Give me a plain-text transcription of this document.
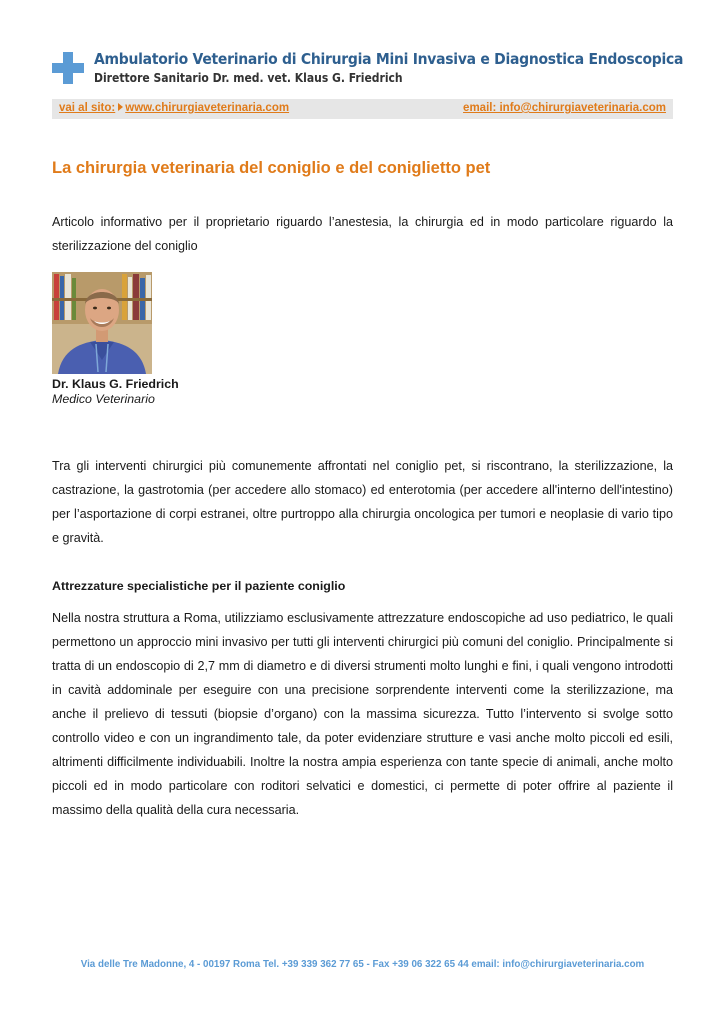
Ambulatorio Veterinario di Chirurgia Mini Invasiva e Diagnostica Endoscopica
Direttore Sanitario Dr. med. vet. Klaus G. Friedrich
vai al sito: www.chirurgiaveterinaria.com	email: info@chirurgiaveterinaria.com
La chirurgia veterinaria del coniglio e del coniglietto pet

Articolo informativo per il proprietario riguardo l’anestesia, la chirurgia ed in modo particolare riguardo la sterilizzazione del coniglio

Dr. Klaus G. Friedrich
Medico Veterinario

Tra gli interventi chirurgici più comunemente affrontati nel coniglio pet, si riscontrano, la sterilizzazione, la castrazione, la gastrotomia (per accedere allo stomaco) ed enterotomia (per accedere all'interno dell'intestino) per l’asportazione di corpi estranei, oltre purtroppo alla chirurgia oncologica per tumori e neoplasie di vario tipo e gravità.

Attrezzature specialistiche per il paziente coniglio

Nella nostra struttura a Roma, utilizziamo esclusivamente attrezzature endoscopiche ad uso pediatrico, le quali permettono un approccio mini invasivo per tutti gli interventi chirurgici più comuni del coniglio. Principalmente si tratta di un endoscopio di 2,7 mm di diametro e di diversi strumenti molto lunghi e fini, i quali vengono introdotti in cavità addominale per eseguire con una precisione sorprendente interventi come la sterilizzazione, ma anche il prelievo di tessuti (biopsie d’organo) con la massima sicurezza. Tutto l’intervento si svolge sotto controllo video e con un ingrandimento tale, da poter evidenziare strutture e vasi anche molto piccoli ed esili, altrimenti difficilmente individuabili. Inoltre la nostra ampia esperienza con tante specie di animali, anche molto piccoli ed in modo particolare con roditori selvatici e domestici, ci permette di poter offrire al paziente il massimo della qualità della cura necessaria.

Via delle Tre Madonne, 4 - 00197 Roma Tel. +39 339 362 77 65 - Fax +39 06 322 65 44 email: info@chirurgiaveterinaria.com
